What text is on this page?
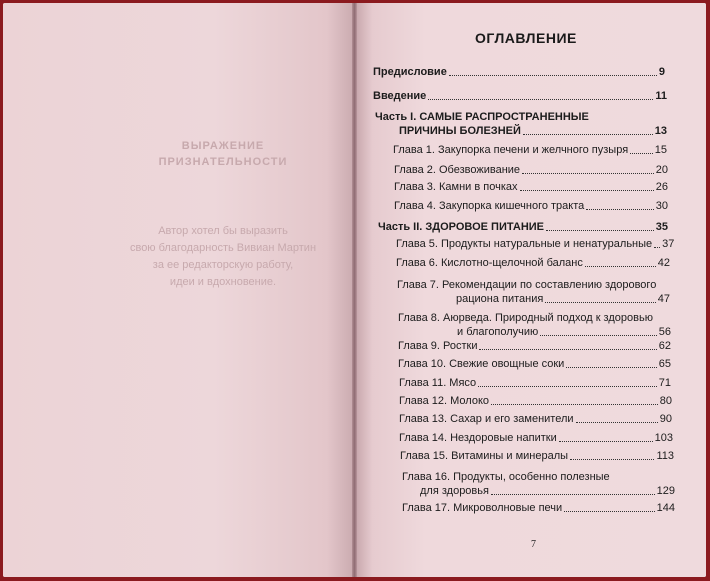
ВЫРАЖЕНИЕ
ПРИЗНАТЕЛЬНОСТИ
Автор хотел бы выразить
свою благодарность Вивиан Мартин
за ее редакторскую работу,
идеи и вдохновение.
ОГЛАВЛЕНИЕ
Предисловие	9
Введение	11
Часть I. САМЫЕ РАСПРОСТРАНЕННЫЕ
ПРИЧИНЫ БОЛЕЗНЕЙ	13
Глава 1. Закупорка печени и желчного пузыря 15
Глава 2. Обезвоживание	20
Глава 3. Камни в почках	26
Глава 4. Закупорка кишечного тракта	30
Часть II. ЗДОРОВОЕ ПИТАНИЕ	35
Глава 5. Продукты натуральные и ненатуральные 37
Глава 6. Кислотно-щелочной баланс	42
Глава 7. Рекомендации по составлению здорового
рациона питания	47
Глава 8. Аюрведа. Природный подход к здоровью
и благополучию	56
Глава 9. Ростки	62
Глава 10. Свежие овощные соки	65
Глава 11. Мясо	71
Глава 12. Молоко	80
Глава 13. Сахар и его заменители	90
Глава 14. Нездоровые напитки	103
Глава 15. Витамины и минералы	113
Глава 16. Продукты, особенно полезные
для здоровья	129
Глава 17. Микроволновые печи	144
7
